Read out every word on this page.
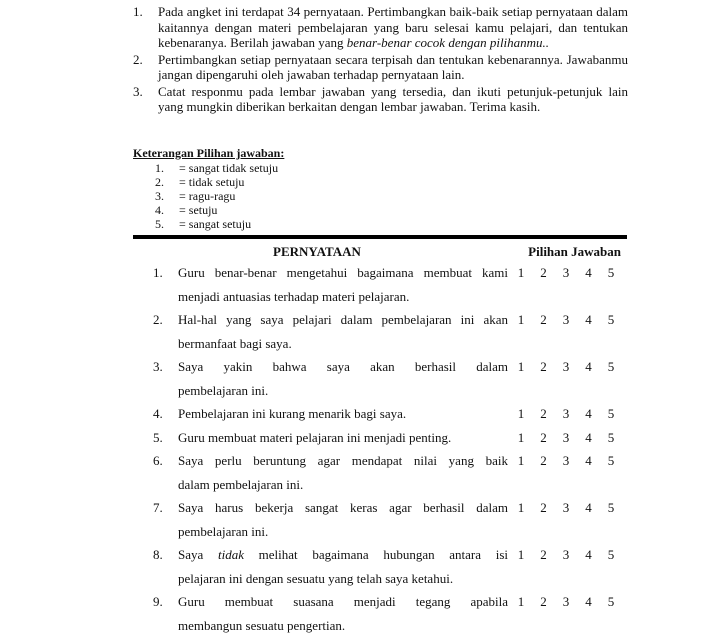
1.	Pada angket ini terdapat 34 pernyataan. Pertimbangkan baik-baik setiap pernyataan dalam kaitannya dengan materi pembelajaran yang baru selesai kamu pelajari, dan tentukan kebenaranya. Berilah jawaban yang benar-benar cocok dengan pilihanmu..
2.	Pertimbangkan setiap pernyataan secara terpisah dan tentukan kebenarannya. Jawabanmu jangan dipengaruhi oleh jawaban terhadap pernyataan lain.
3.	Catat responmu pada lembar jawaban yang tersedia, dan ikuti petunjuk-petunjuk lain yang mungkin diberikan berkaitan dengan lembar jawaban. Terima kasih.
Keterangan Pilihan jawaban:
1.	= sangat tidak setuju
2.	= tidak setuju
3.	= ragu-ragu
4.	= setuju
5.	= sangat setuju
PERNYATAAN	Pilihan Jawaban
1. Guru benar-benar mengetahui bagaimana membuat kami
menjadi antuasias terhadap materi pelajaran.
1 2 3 4 5
2. Hal-hal yang saya pelajari dalam pembelajaran ini akan
bermanfaat bagi saya.
1 2 3 4 5
3. Saya yakin bahwa saya akan berhasil dalam
pembelajaran ini.
1 2 3 4 5
4. Pembelajaran ini kurang menarik bagi saya.	1 2 3 4 5
5. Guru membuat materi pelajaran ini menjadi penting.	1 2 3 4 5
6. Saya perlu beruntung agar mendapat nilai yang baik
dalam pembelajaran ini.
1 2 3 4 5
7. Saya harus bekerja sangat keras agar berhasil dalam
pembelajaran ini.
1 2 3 4 5
8. Saya tidak melihat bagaimana hubungan antara isi
pelajaran ini dengan sesuatu yang telah saya ketahui.
1 2 3 4 5
9. Guru membuat suasana menjadi tegang apabila
membangun sesuatu pengertian.
1 2 3 4 5
